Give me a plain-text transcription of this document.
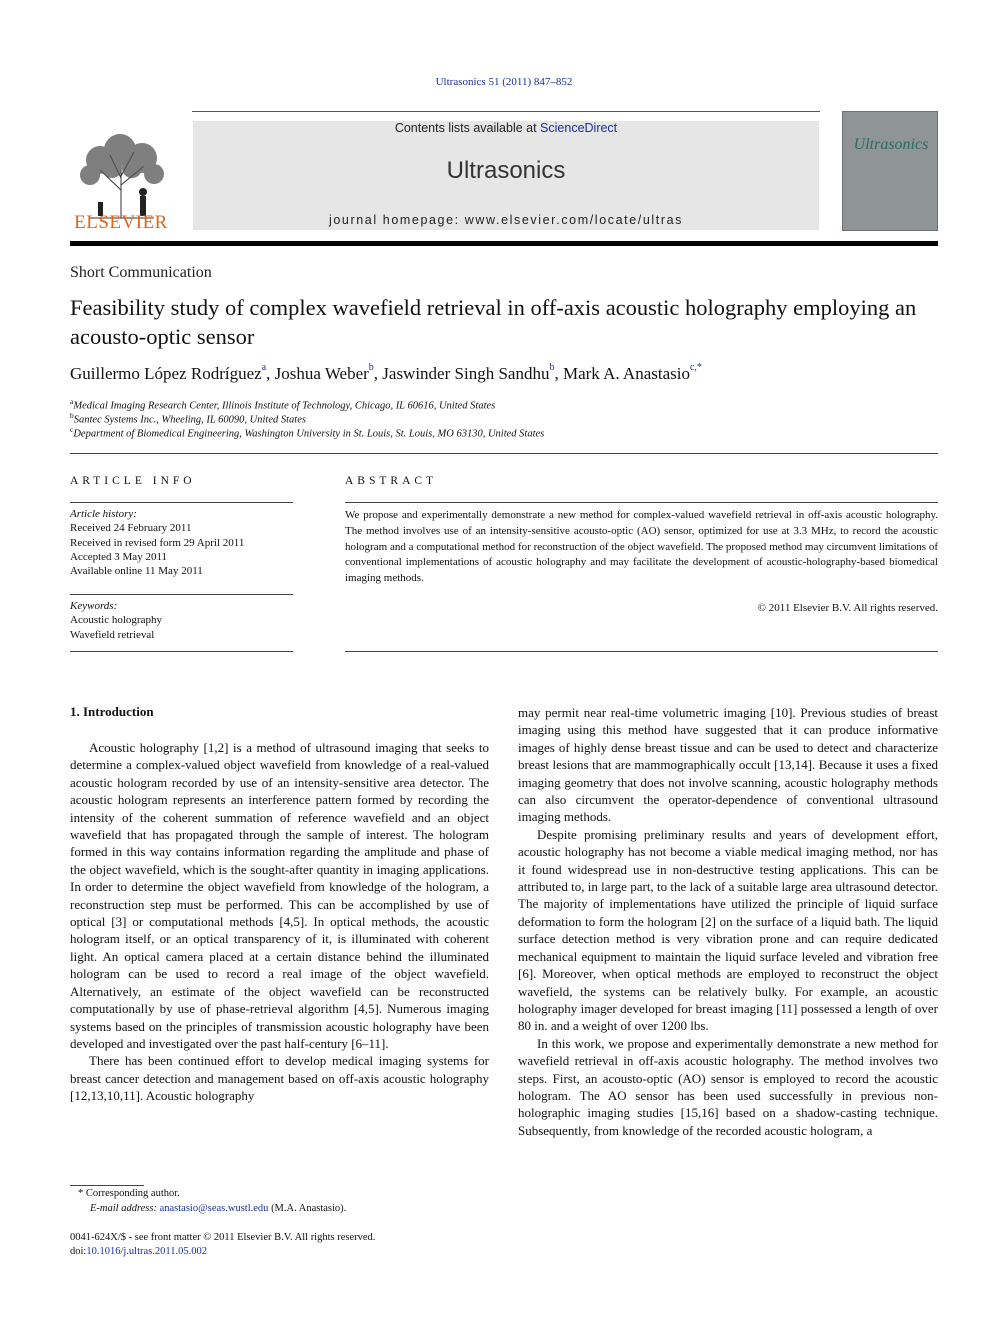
Ultrasonics 51 (2011) 847–852
ELSEVIER
Contents lists available at ScienceDirect
Ultrasonics
journal homepage: www.elsevier.com/locate/ultras
Ultrasonics
Short Communication
Feasibility study of complex wavefield retrieval in off-axis acoustic holography employing an acousto-optic sensor
Guillermo López Rodríguez$^a$, Joshua Weber$^b$, Jaswinder Singh Sandhu$^b$, Mark A. Anastasio$^{c,*}$
$^a$Medical Imaging Research Center, Illinois Institute of Technology, Chicago, IL 60616, United States
$^b$Santec Systems Inc., Wheeling, IL 60090, United States
$^c$Department of Biomedical Engineering, Washington University in St. Louis, St. Louis, MO 63130, United States
ARTICLE INFO	ABSTRACT
Article history:
Received 24 February 2011
Received in revised form 29 April 2011
Accepted 3 May 2011
Available online 11 May 2011
Keywords:
Acoustic holography
Wavefield retrieval
We propose and experimentally demonstrate a new method for complex-valued wavefield retrieval in off-axis acoustic holography. The method involves use of an intensity-sensitive acousto-optic (AO) sensor, optimized for use at 3.3 MHz, to record the acoustic hologram and a computational method for reconstruction of the object wavefield. The proposed method may circumvent limitations of conventional implementations of acoustic holography and may facilitate the development of acoustic-holography-based biomedical imaging methods.
© 2011 Elsevier B.V. All rights reserved.
1. Introduction

Acoustic holography [1,2] is a method of ultrasound imaging that seeks to determine a complex-valued object wavefield from knowledge of a real-valued acoustic hologram recorded by use of an intensity-sensitive area detector. The acoustic hologram represents an interference pattern formed by recording the intensity of the coherent summation of reference wavefield and an object wavefield that has propagated through the sample of interest. The hologram formed in this way contains information regarding the amplitude and phase of the object wavefield, which is the sought-after quantity in imaging applications. In order to determine the object wavefield from knowledge of the hologram, a reconstruction step must be performed. This can be accomplished by use of optical [3] or computational methods [4,5]. In optical methods, the acoustic hologram itself, or an optical transparency of it, is illuminated with coherent light. An optical camera placed at a certain distance behind the illuminated hologram can be used to record a real image of the object wavefield. Alternatively, an estimate of the object wavefield can be reconstructed computationally by use of phase-retrieval algorithm [4,5]. Numerous imaging systems based on the principles of transmission acoustic holography have been developed and investigated over the past half-century [6–11].

There has been continued effort to develop medical imaging systems for breast cancer detection and management based on off-axis acoustic holography [12,13,10,11]. Acoustic holography

may permit near real-time volumetric imaging [10]. Previous studies of breast imaging using this method have suggested that it can produce informative images of highly dense breast tissue and can be used to detect and characterize breast lesions that are mammographically occult [13,14]. Because it uses a fixed imaging geometry that does not involve scanning, acoustic holography methods can also circumvent the operator-dependence of conventional ultrasound imaging methods.

Despite promising preliminary results and years of development effort, acoustic holography has not become a viable medical imaging method, nor has it found widespread use in non-destructive testing applications. This can be attributed to, in large part, to the lack of a suitable large area ultrasound detector. The majority of implementations have utilized the principle of liquid surface deformation to form the hologram [2] on the surface of a liquid bath. The liquid surface detection method is very vibration prone and can require dedicated mechanical equipment to maintain the liquid surface leveled and vibration free [6]. Moreover, when optical methods are employed to reconstruct the object wavefield, the systems can be relatively bulky. For example, an acoustic holography imager developed for breast imaging [11] possessed a length of over 80 in. and a weight of over 1200 lbs.

In this work, we propose and experimentally demonstrate a new method for wavefield retrieval in off-axis acoustic holography. The method involves two steps. First, an acousto-optic (AO) sensor is employed to record the acoustic hologram. The AO sensor has been used successfully in previous non-holographic imaging studies [15,16] based on a shadow-casting technique. Subsequently, from knowledge of the recorded acoustic hologram, a

* Corresponding author.
E-mail address: anastasio@seas.wustl.edu (M.A. Anastasio).
0041-624X/$ - see front matter © 2011 Elsevier B.V. All rights reserved.
doi:10.1016/j.ultras.2011.05.002
